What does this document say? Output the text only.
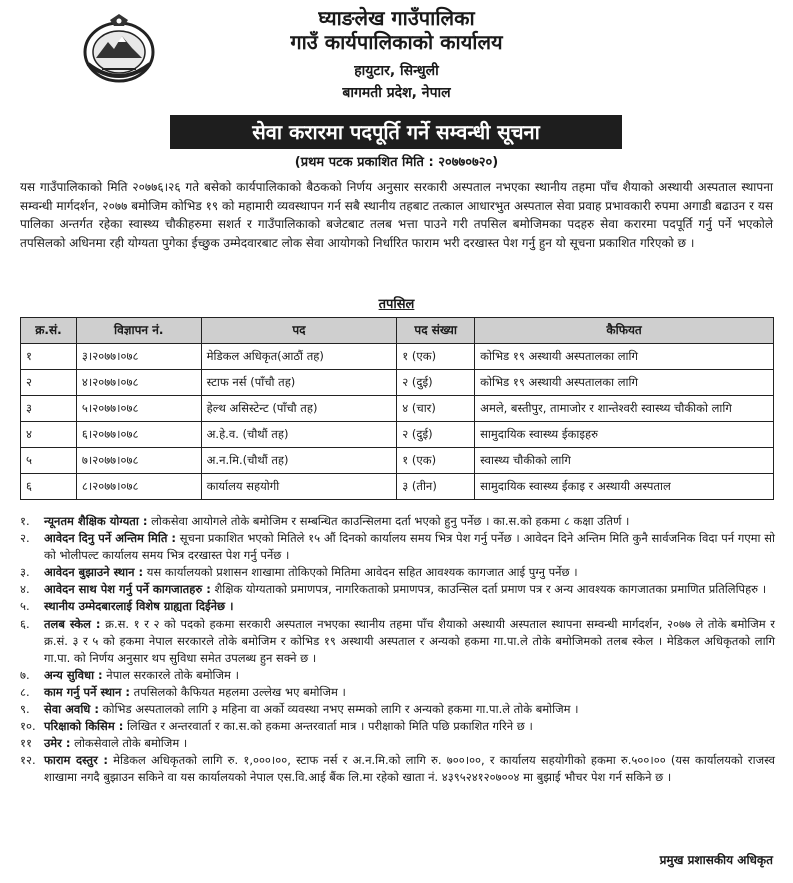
घ्याङलेख गाउँपालिका
गाउँ कार्यपालिकाको कार्यालय
हायुटार, सिन्धुली
बागमती प्रदेश, नेपाल
सेवा करारमा पदपूर्ति गर्ने सम्वन्धी सूचना
(प्रथम पटक प्रकाशित मिति : २०७७०७२०)
यस गाउँपालिकाको मिति २०७७६।२६ गते बसेको कार्यपालिकाको बैठकको निर्णय अनुसार सरकारी अस्पताल नभएका स्थानीय तहमा पाँच शैयाको अस्थायी अस्पताल स्थापना सम्वन्धी मार्गदर्शन, २०७७ बमोजिम कोभिड १९ को महामारी व्यवस्थापन गर्न सबै स्थानीय तहबाट तत्काल आधारभुत अस्पताल सेवा प्रवाह प्रभावकारी रुपमा अगाडी बढाउन र यस पालिका अन्तर्गत रहेका स्वास्थ्य चौकीहरुमा सशर्त र गाउँपालिकाको बजेटबाट तलब भत्ता पाउने गरी तपसिल बमोजिमका पदहरु सेवा करारमा पदपूर्ति गर्नु पर्ने भएकोले तपसिलको अधिनमा रही योग्यता पुगेका ईच्छुक उम्मेदवारबाट लोक सेवा आयोगको निर्धारित फाराम भरी दरखास्त पेश गर्नु हुन यो सूचना प्रकाशित गरिएको छ ।
तपसिल
क्र.सं.	विज्ञापन नं.	पद	पद संख्या	कैफियत
१	३।२०७७।०७८	मेडिकल अधिकृत(आठौं तह)	१ (एक)	कोभिड १९ अस्थायी अस्पतालका लागि
२	४।२०७७।०७८	स्टाफ नर्स (पाँचौ तह)	२ (दुई)	कोभिड १९ अस्थायी अस्पतालका लागि
३	५।२०७७।०७८	हेल्थ असिस्टेन्ट (पाँचौ तह)	४ (चार)	अमले, बस्तीपुर, तामाजोर र शान्तेश्वरी स्वास्थ्य चौकीको लागि
४	६।२०७७।०७८	अ.हे.व. (चौथौं तह)	२ (दुई)	सामुदायिक स्वास्थ्य ईकाइहरु
५	७।२०७७।०७८	अ.न.मि.(चौथौं तह)	१ (एक)	स्वास्थ्य चौकीको लागि
६	८।२०७७।०७८	कार्यालय सहयोगी	३ (तीन)	सामुदायिक स्वास्थ्य ईकाइ र अस्थायी अस्पताल
१.	न्यूनतम शैक्षिक योग्यता : लोकसेवा आयोगले तोके बमोजिम र सम्बन्धित काउन्सिलमा दर्ता भएको हुनु पर्नेछ । का.स.को हकमा ८ कक्षा उतिर्ण ।
२.	आवेदन दिनु पर्ने अन्तिम मिति : सूचना प्रकाशित भएको मितिले १५ औं दिनको कार्यालय समय भित्र पेश गर्नु पर्नेछ । आवेदन दिने अन्तिम मिति कुनै सार्वजनिक विदा पर्न गएमा सो को भोलीपल्ट कार्यालय समय भित्र दरखास्त पेश गर्नु पर्नेछ ।
३.	आवेदन बुझाउने स्थान : यस कार्यालयको प्रशासन शाखामा तोकिएको मितिमा आवेदन सहित आवश्यक कागजात आई पुग्नु पर्नेछ ।
४.	आवेदन साथ पेश गर्नु पर्ने कागजातहरु : शैक्षिक योग्यताको प्रमाणपत्र, नागरिकताको प्रमाणपत्र, काउन्सिल दर्ता प्रमाण पत्र र अन्य आवश्यक कागजातका प्रमाणित प्रतिलिपिहरु ।
५.	स्थानीय उम्मेदबारलाई विशेष ग्राह्यता दिईनेछ ।
६.	तलब स्केल : क्र.स. १ र २ को पदको हकमा सरकारी अस्पताल नभएका स्थानीय तहमा पाँच शैयाको अस्थायी अस्पताल स्थापना सम्वन्धी मार्गदर्शन, २०७७ ले तोके बमोजिम र क्र.सं. ३ र ५ को हकमा नेपाल सरकारले तोके बमोजिम र कोभिड १९ अस्थायी अस्पताल र अन्यको हकमा गा.पा.ले तोके बमोजिमको तलब स्केल । मेडिकल अधिकृतको लागि गा.पा. को निर्णय अनुसार थप सुविधा समेत उपलब्ध हुन सक्ने छ ।
७.	अन्य सुविधा : नेपाल सरकारले तोके बमोजिम ।
८.	काम गर्नु पर्ने स्थान : तपसिलको कैफियत महलमा उल्लेख भए बमोजिम ।
९.	सेवा अवधि : कोभिड अस्पतालको लागि ३ महिना वा अर्को व्यवस्था नभए सम्मको लागि र अन्यको हकमा गा.पा.ले तोके बमोजिम ।
१०. परिक्षाको किसिम : लिखित र अन्तरवार्ता र का.स.को हकमा अन्तरवार्ता मात्र । परीक्षाको मिति पछि प्रकाशित गरिने छ ।
११	उमेर : लोकसेवाले तोके बमोजिम ।
१२. फाराम दस्तुर : मेडिकल अधिकृतको लागि रु. १,०००।००, स्टाफ नर्स र अ.न.मि.को लागि रु. ७००।००, र कार्यालय सहयोगीको हकमा रु.५००।०० (यस कार्यालयको राजस्व शाखामा नगदै बुझाउन सकिने वा यस कार्यालयको नेपाल एस.वि.आई बैंक लि.मा रहेको खाता नं. ४३९५२४१२०७००४ मा बुझाई भौचर पेश गर्न सकिने छ ।
प्रमुख प्रशासकीय अधिकृत
